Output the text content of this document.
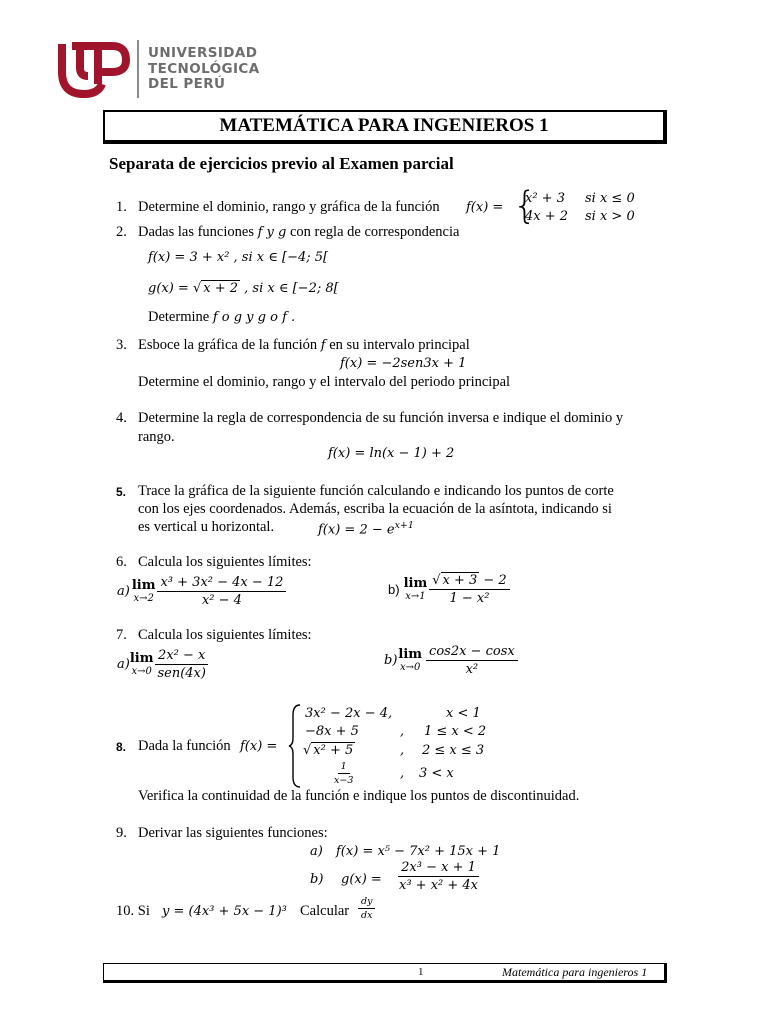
UNIVERSIDAD
TECNOLÓGICA
DEL PERÚ
MATEMÁTICA PARA INGENIEROS 1
Separata de ejercicios previo al Examen parcial
1. Determine el dominio, rango y gráfica de la función f(x) = {
x² + 3 si x ≤ 0
4x + 2 si x > 0
2. Dadas las funciones f y g con regla de correspondencia
f(x) = 3 + x² , si x ∈ [−4; 5[
g(x) = √ x + 2 , si x ∈ [−2; 8[
Determine f o g y g o f .
3. Esboce la gráfica de la función f en su intervalo principal
f(x) = −2sen3x + 1
Determine el dominio, rango y el intervalo del periodo principal
4. Determine la regla de correspondencia de su función inversa e indique el dominio y
rango.
f(x) = ln(x − 1) + 2
5. Trace la gráfica de la siguiente función calculando e indicando los puntos de corte
con los ejes coordenados. Además, escriba la ecuación de la asíntota, indicando si
es vertical u horizontal.	$f(x) = 2 - e^{x+1}$
6. Calcula los siguientes límites:
a) lim
$x\to 2 \frac{\text{x³ + 3x² − 4x − 12}}{\text{x² − 4}}$	b) lim
$x\to 1 \frac{√ x + 3 - 2}{\text{1 − x²}}$
7. Calcula los siguientes límites:
a) lim
$x\to 0 \frac{\text{2x² − x}}{\text{sen(4x)}}$	b) lim
$x\to 0 \frac{\cos 2x - \cos x}{\text{x²}}$
8. Dada la función f(x) =
3x² − 2x − 4,	x < 1
−8x + 5	, 1 ≤ x < 2
√ x² + 5	, 2 ≤ x ≤ 3
$\frac{1}{x-3}$	, 3 < x
Verifica la continuidad de la función e indique los puntos de discontinuidad.
9. Derivar las siguientes funciones:
a) f(x) = x⁵ − 7x² + 15x + 1
b) $g(x) = \frac{\text{2x³ − x + 1}}{\text{x³ + x² + 4x}}$
10. Si y = (4x³ + 5x − 1)³ Calcular $\frac{dy}{dx}$
1	Matemática para ingenieros 1
